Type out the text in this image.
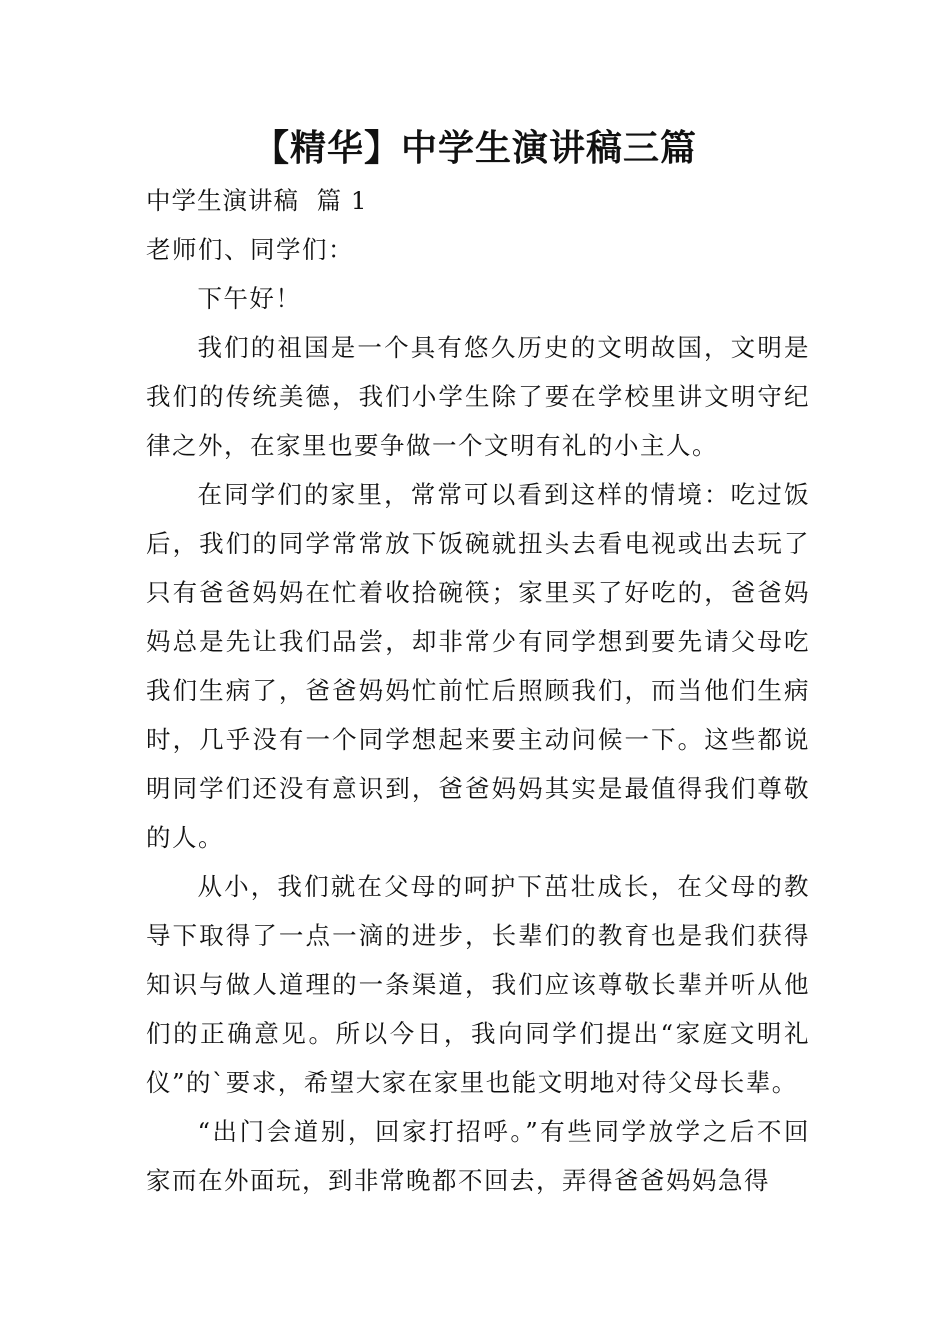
【精华】中学生演讲稿三篇

中学生演讲稿  篇 1

老师们、同学们：

下午好！

我们的祖国是一个具有悠久历史的文明故国，文明是我们的传统美德，我们小学生除了要在学校里讲文明守纪律之外，在家里也要争做一个文明有礼的小主人。

在同学们的家里，常常可以看到这样的情境：吃过饭后，我们的同学常常放下饭碗就扭头去看电视或出去玩了只有爸爸妈妈在忙着收拾碗筷；家里买了好吃的，爸爸妈妈总是先让我们品尝，却非常少有同学想到要先请父母吃我们生病了，爸爸妈妈忙前忙后照顾我们，而当他们生病时，几乎没有一个同学想起来要主动问候一下。这些都说明同学们还没有意识到，爸爸妈妈其实是最值得我们尊敬的人。

从小，我们就在父母的呵护下茁壮成长，在父母的教导下取得了一点一滴的进步，长辈们的教育也是我们获得知识与做人道理的一条渠道，我们应该尊敬长辈并听从他们的正确意见。所以今日，我向同学们提出“家庭文明礼仪”的`要求，希望大家在家里也能文明地对待父母长辈。

“出门会道别，回家打招呼。”有些同学放学之后不回家而在外面玩，到非常晚都不回去，弄得爸爸妈妈急得
